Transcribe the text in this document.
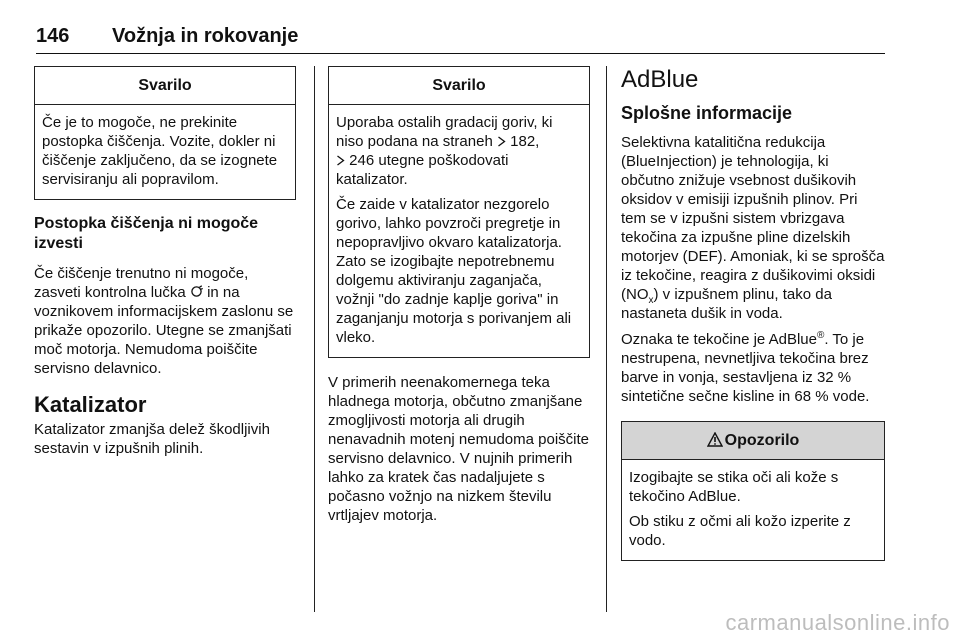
146 Vožnja in rokovanje
Svarilo

Če je to mogoče, ne prekinite postopka čiščenja. Vozite, dokler ni čiščenje zaključeno, da se izognete servisiranju ali popravilom.

Postopka čiščenja ni mogoče izvesti

Če čiščenje trenutno ni mogoče, zasveti kontrolna lučka in na voznikovem informacijskem zaslonu se prikaže opozorilo. Utegne se zmanjšati moč motorja. Nemudoma poiščite servisno delavnico.

Katalizator

Katalizator zmanjša delež škodljivih sestavin v izpušnih plinih.

Svarilo

Uporaba ostalih gradacij goriv, ki niso podana na straneh 182,
246 utegne poškodovati katalizator.

Če zaide v katalizator nezgorelo gorivo, lahko povzroči pregretje in nepopravljivo okvaro katalizatorja. Zato se izogibajte nepotrebnemu dolgemu aktiviranju zaganjača, vožnji "do zadnje kaplje goriva" in zaganjanju motorja s porivanjem ali vleko.

V primerih neenakomernega teka hladnega motorja, občutno zmanjšane zmogljivosti motorja ali drugih nenavadnih motenj nemudoma poiščite servisno delavnico. V nujnih primerih lahko za kratek čas nadaljujete s počasno vožnjo na nizkem številu vrtljajev motorja.

AdBlue
Splošne informacije

Selektivna katalitična redukcija (BlueInjection) je tehnologija, ki občutno znižuje vsebnost dušikovih oksidov v emisiji izpušnih plinov. Pri tem se v izpušni sistem vbrizgava tekočina za izpušne pline dizelskih motorjev (DEF). Amoniak, ki se sprošča iz tekočine, reagira z dušikovimi oksidi $(NO_x)$ v izpušnem plinu, tako da nastaneta dušik in voda.

Oznaka te tekočine je AdBlue®. To je nestrupena, nevnetljiva tekočina brez barve in vonja, sestavljena iz 32 % sintetične sečne kisline in 68 % vode.

Opozorilo

Izogibajte se stika oči ali kože s tekočino AdBlue.

Ob stiku z očmi ali kožo izperite z vodo.

carmanualsonline.info
